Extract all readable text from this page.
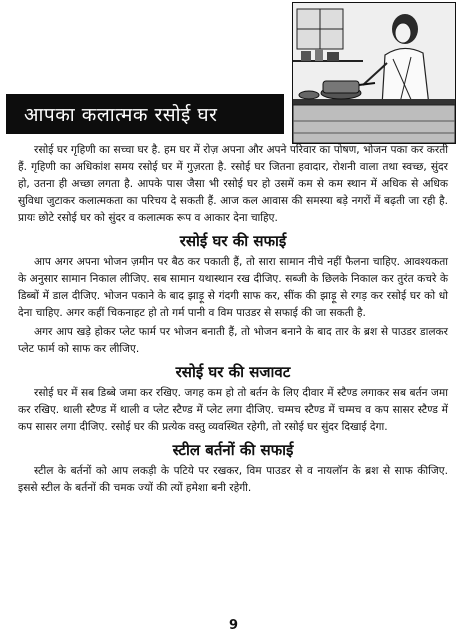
आपका कलात्मक रसोई घर

रसोई घर गृहिणी का सच्चा घर है. हम घर में रोज़ अपना और अपने परिवार का पोषण, भोजन पका कर करती हैं. गृहिणी का अधिकांश समय रसोई घर में गुज़रता है. रसोई घर जितना हवादार, रोशनी वाला तथा स्वच्छ, सुंदर हो, उतना ही अच्छा लगता है. आपके पास जैसा भी रसोई घर हो उसमें कम से कम स्थान में अधिक से अधिक सुविधा जुटाकर कलात्मकता का परिचय दे सकती हैं. आज कल आवास की समस्या बड़े नगरों में बढ़ती जा रही है. प्रायः छोटे रसोई घर को सुंदर व कलात्मक रूप व आकार देना चाहिए.

रसोई घर की सफाई

आप अगर अपना भोजन ज़मीन पर बैठ कर पकाती हैं, तो सारा सामान नीचे नहीं फैलना चाहिए. आवश्यकता के अनुसार सामान निकाल लीजिए. सब सामान यथास्थान रख दीजिए. सब्जी के छिलके निकाल कर तुरंत कचरे के डिब्बों में डाल दीजिए. भोजन पकाने के बाद झाड़ू से गंदगी साफ कर, सींक की झाड़ू से रगड़ कर रसोई घर को धो देना चाहिए. अगर कहीं चिकनाहट हो तो गर्म पानी व विम पाउडर से सफाई की जा सकती है.

अगर आप खड़े होकर प्लेट फार्म पर भोजन बनाती हैं, तो भोजन बनाने के बाद तार के ब्रश से पाउडर डालकर प्लेट फार्म को साफ कर लीजिए.

रसोई घर की सजावट

रसोई घर में सब डिब्बे जमा कर रखिए. जगह कम हो तो बर्तन के लिए दीवार में स्टैण्ड लगाकर सब बर्तन जमा कर रखिए. थाली स्टैण्ड में थाली व प्लेट स्टैण्ड में प्लेट लगा दीजिए. चम्मच स्टैण्ड में चम्मच व कप सासर स्टैण्ड में कप सासर लगा दीजिए. रसोई घर की प्रत्येक वस्तु व्यवस्थित रहेगी, तो रसोई घर सुंदर दिखाई देगा.

स्टील बर्तनों की सफाई

स्टील के बर्तनों को आप लकड़ी के पटिये पर रखकर, विम पाउडर से व नायलॉन के ब्रश से साफ कीजिए. इससे स्टील के बर्तनों की चमक ज्यों की त्यों हमेशा बनी रहेगी.

9
